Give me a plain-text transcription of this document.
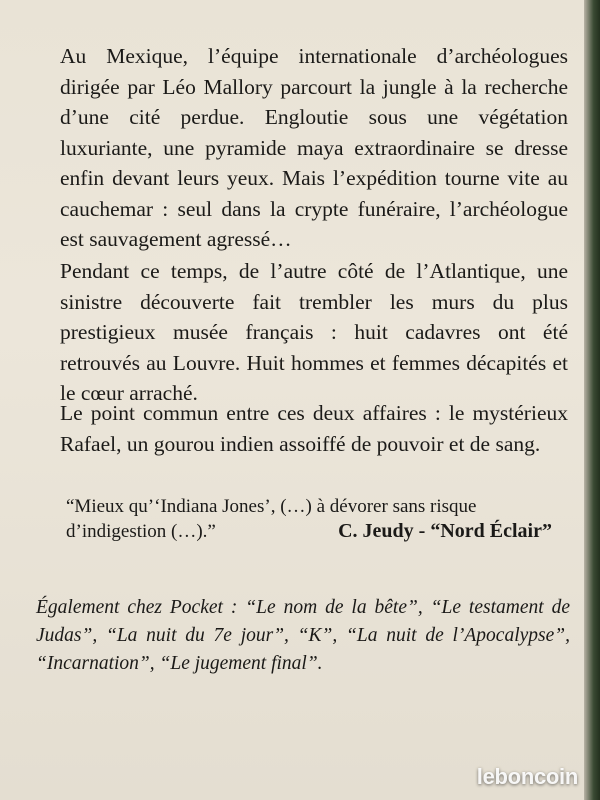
Au Mexique, l’équipe internationale d’archéologues dirigée par Léo Mallory parcourt la jungle à la recherche d’une cité perdue. Engloutie sous une végétation luxuriante, une pyramide maya extraordinaire se dresse enfin devant leurs yeux. Mais l’expédition tourne vite au cauchemar : seul dans la crypte funéraire, l’archéologue est sauvagement agressé…

Pendant ce temps, de l’autre côté de l’Atlantique, une sinistre découverte fait trembler les murs du plus prestigieux musée français : huit cadavres ont été retrouvés au Louvre. Huit hommes et femmes décapités et le cœur arraché.

Le point commun entre ces deux affaires : le mystérieux Rafael, un gourou indien assoiffé de pouvoir et de sang.

“Mieux qu’‘Indiana Jones’, (…) à dévorer sans risque d’indigestion (…).”	C. Jeudy - “Nord Éclair”

Également chez Pocket : “Le nom de la bête”, “Le testament de Judas”, “La nuit du 7e jour”, “K”, “La nuit de l’Apocalypse”, “Incarnation”, “Le jugement final”.

leboncoin
